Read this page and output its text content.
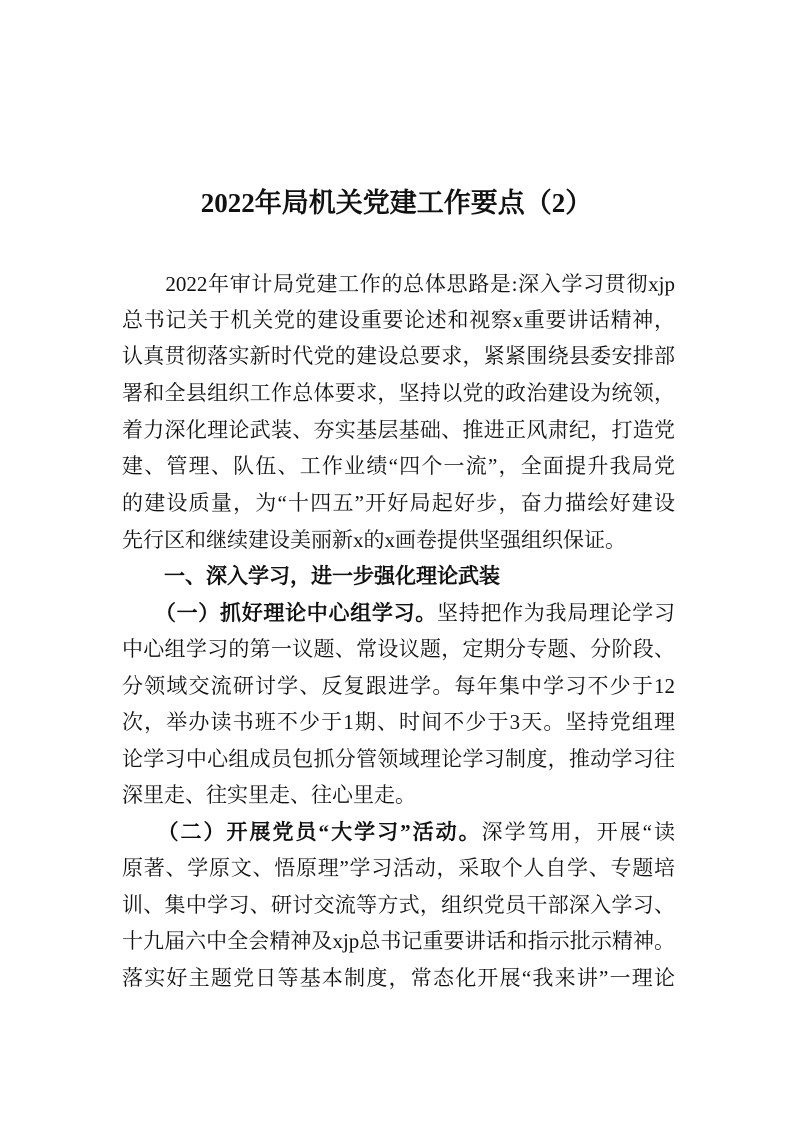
2022年局机关党建工作要点（2）
　　2022年审计局党建工作的总体思路是:深入学习贯彻xjp
总书记关于机关党的建设重要论述和视察x重要讲话精神，
认真贯彻落实新时代党的建设总要求，紧紧围绕县委安排部
署和全县组织工作总体要求，坚持以党的政治建设为统领，
着力深化理论武装、夯实基层基础、推进正风肃纪，打造党
建、管理、队伍、工作业绩“四个一流”，全面提升我局党
的建设质量，为“十四五”开好局起好步，奋力描绘好建设
先行区和继续建设美丽新x的x画卷提供坚强组织保证。
　　一、深入学习，进一步强化理论武装
　　（一）抓好理论中心组学习。坚持把作为我局理论学习
中心组学习的第一议题、常设议题，定期分专题、分阶段、
分领域交流研讨学、反复跟进学。每年集中学习不少于12
次，举办读书班不少于1期、时间不少于3天。坚持党组理
论学习中心组成员包抓分管领域理论学习制度，推动学习往
深里走、往实里走、往心里走。
　　（二）开展党员“大学习”活动。深学笃用，开展“读
原著、学原文、悟原理”学习活动，采取个人自学、专题培
训、集中学习、研讨交流等方式，组织党员干部深入学习、
十九届六中全会精神及xjp总书记重要讲话和指示批示精神。
落实好主题党日等基本制度，常态化开展“我来讲”一理论
